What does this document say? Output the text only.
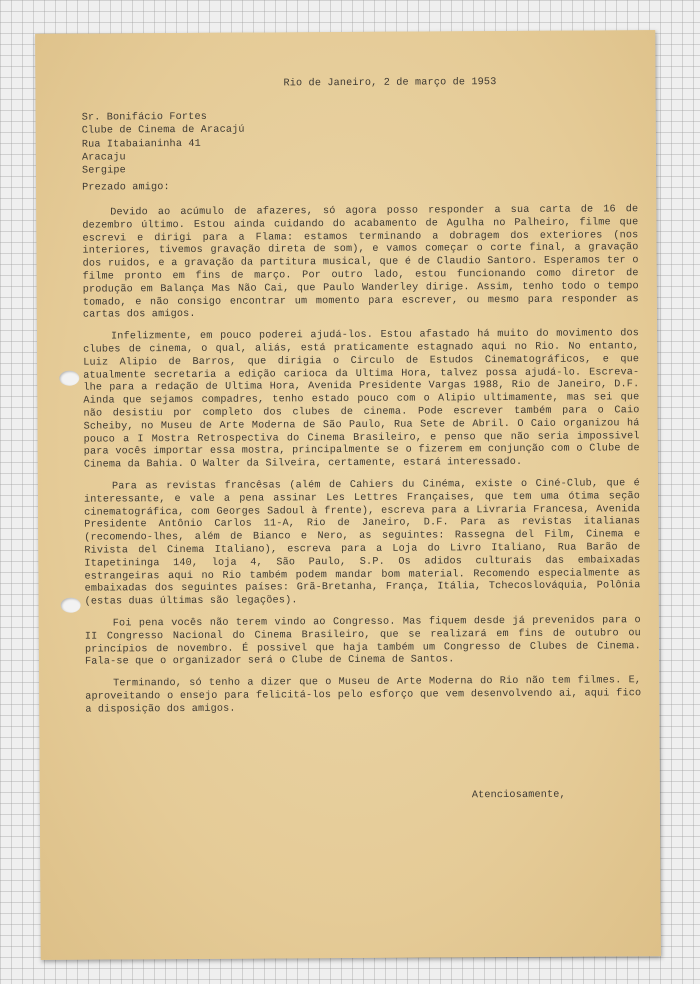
Rio de Janeiro, 2 de março de 1953
Sr. Bonifácio Fortes
Clube de Cinema de Aracajú
Rua Itabaianinha 41
Aracaju
Sergipe
Prezado amigo:

Devido ao acúmulo de afazeres, só agora posso responder a sua carta de 16 de dezembro último. Estou ainda cuidando do acabamento de Agulha no Palheiro, filme que escrevi e dirigi para a Flama: estamos terminando a dobragem dos exteriores (nos interiores, tivemos gravação direta de som), e vamos começar o corte final, a gravação dos ruidos, e a gravação da partitura musical, que é de Claudio Santoro. Esperamos ter o filme pronto em fins de março. Por outro lado, estou funcionando como diretor de produção em Balança Mas Não Cai, que Paulo Wanderley dirige. Assim, tenho todo o tempo tomado, e não consigo encontrar um momento para escrever, ou mesmo para responder as cartas dos amigos.

Infelizmente, em pouco poderei ajudá-los. Estou afastado há muito do movimento dos clubes de cinema, o qual, aliás, está praticamente estagnado aqui no Rio. No entanto, Luiz Alipio de Barros, que dirigia o Circulo de Estudos Cinematográficos, e que atualmente secretaria a edição carioca da Ultima Hora, talvez possa ajudá-lo. Escreva-lhe para a redação de Ultima Hora, Avenida Presidente Vargas 1988, Rio de Janeiro, D.F. Ainda que sejamos compadres, tenho estado pouco com o Alipio ultimamente, mas sei que não desistiu por completo dos clubes de cinema. Pode escrever também para o Caio Scheiby, no Museu de Arte Moderna de São Paulo, Rua Sete de Abril. O Caio organizou há pouco a I Mostra Retrospectiva do Cinema Brasileiro, e penso que não seria impossivel para vocês importar essa mostra, principalmente se o fizerem em conjunção com o Clube de Cinema da Bahia. O Walter da Silveira, certamente, estará interessado.

Para as revistas francêsas (além de Cahiers du Cinéma, existe o Ciné-Club, que é interessante, e vale a pena assinar Les Lettres Françaises, que tem uma ótima seção cinematográfica, com Georges Sadoul à frente), escreva para a Livraria Francesa, Avenida Presidente Antônio Carlos 11-A, Rio de Janeiro, D.F. Para as revistas italianas (recomendo-lhes, além de Bianco e Nero, as seguintes: Rassegna del Film, Cinema e Rivista del Cinema Italiano), escreva para a Loja do Livro Italiano, Rua Barão de Itapetininga 140, loja 4, São Paulo, S.P. Os adidos culturais das embaixadas estrangeiras aqui no Rio também podem mandar bom material. Recomendo especialmente as embaixadas dos seguintes países: Grã-Bretanha, França, Itália, Tchecoslováquia, Polônia (estas duas últimas são legações).

Foi pena vocês não terem vindo ao Congresso. Mas fiquem desde já prevenidos para o II Congresso Nacional do Cinema Brasileiro, que se realizará em fins de outubro ou princípios de novembro. É possivel que haja também um Congresso de Clubes de Cinema. Fala-se que o organizador será o Clube de Cinema de Santos.

Terminando, só tenho a dizer que o Museu de Arte Moderna do Rio não tem filmes. E, aproveitando o ensejo para felicitá-los pelo esforço que vem desenvolvendo ai, aqui fico a disposição dos amigos.

Atenciosamente,
